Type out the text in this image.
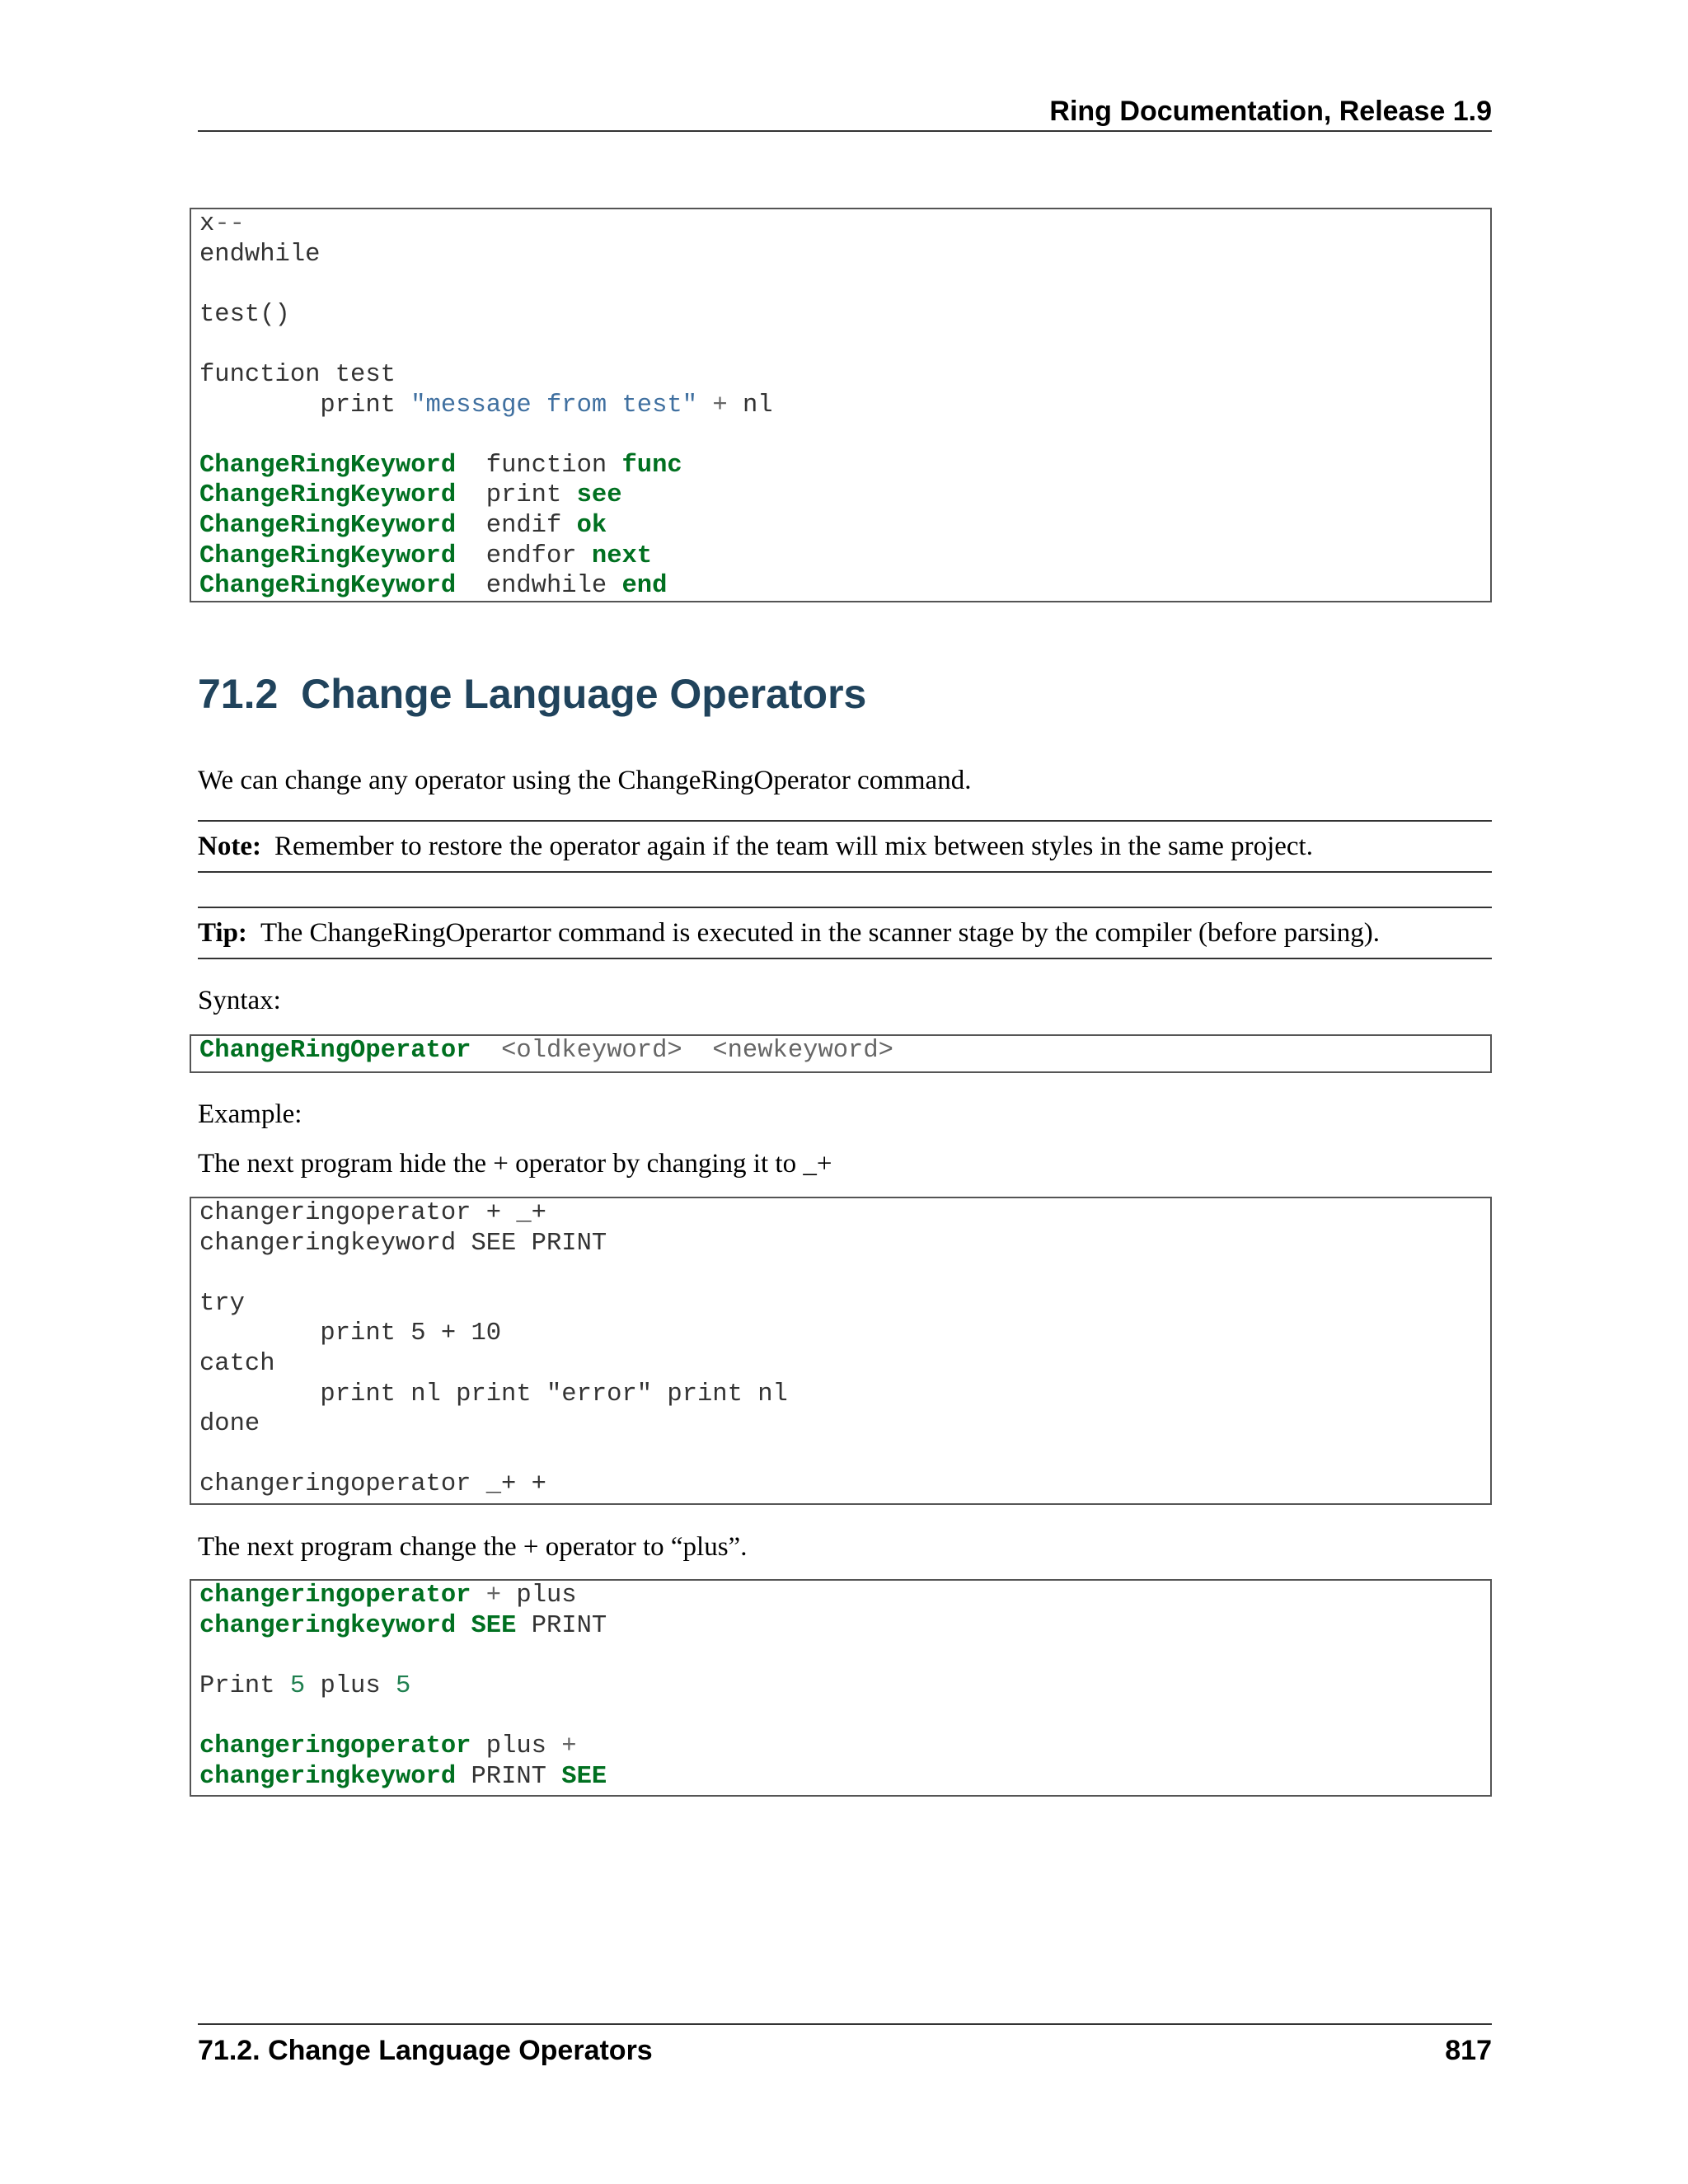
Ring Documentation, Release 1.9
x--
endwhile
test()
function test
print "message from test" + nl
ChangeRingKeyword  function func
ChangeRingKeyword  print see
ChangeRingKeyword  endif ok
ChangeRingKeyword  endfor next
ChangeRingKeyword  endwhile end
71.2 Change Language Operators
We can change any operator using the ChangeRingOperator command.
Note: Remember to restore the operator again if the team will mix between styles in the same project.
Tip: The ChangeRingOperartor command is executed in the scanner stage by the compiler (before parsing).
Syntax:
ChangeRingOperator <oldkeyword> <newkeyword>
Example:
The next program hide the + operator by changing it to _+
changeringoperator + _+
changeringkeyword SEE PRINT
try
print 5 + 10
catch
print nl print "error" print nl
done
changeringoperator _+ +
The next program change the + operator to “plus”.
changeringoperator + plus
changeringkeyword SEE PRINT
Print 5 plus 5
changeringoperator plus +
changeringkeyword PRINT SEE
71.2. Change Language Operators	817
